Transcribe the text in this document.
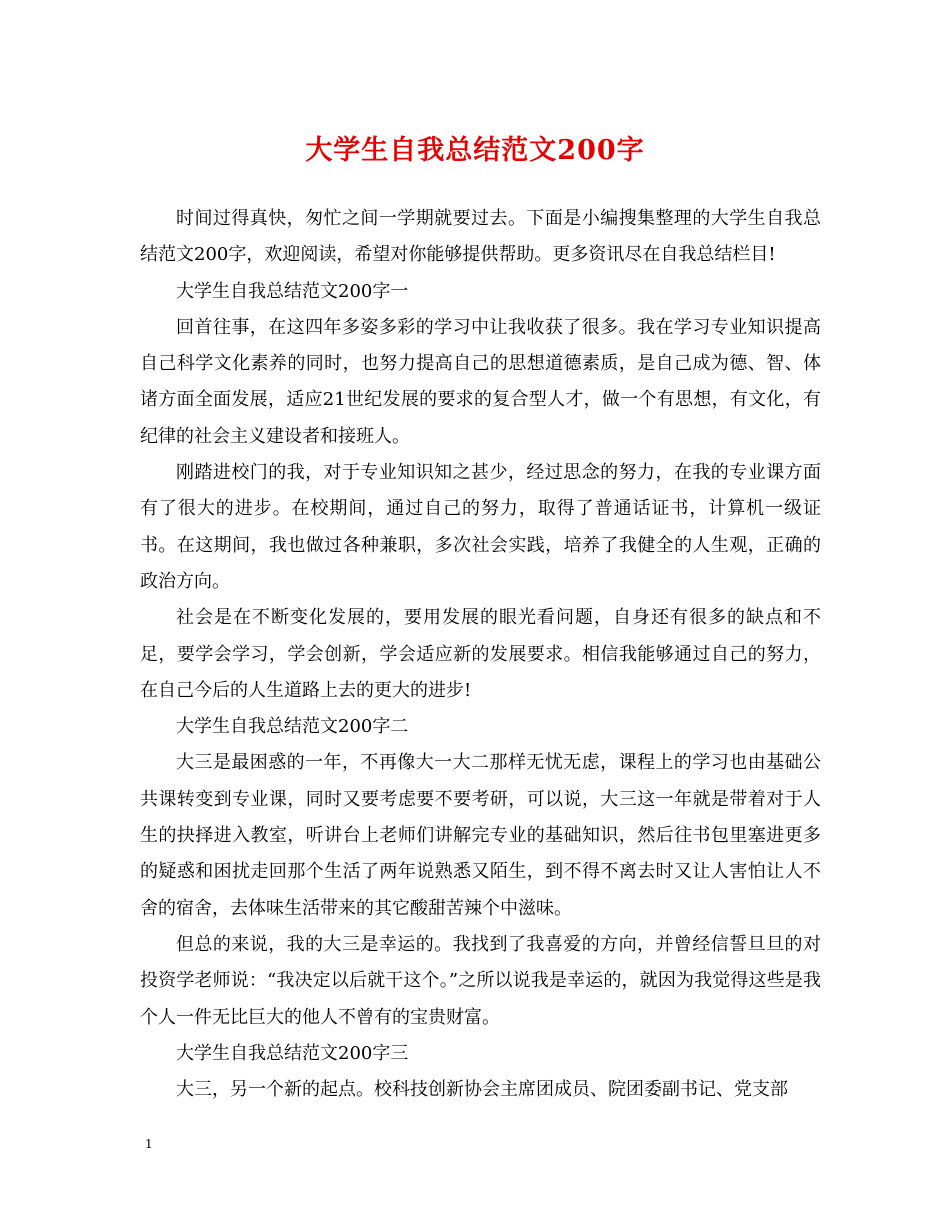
大学生自我总结范文200字

时间过得真快，匆忙之间一学期就要过去。下面是小编搜集整理的大学生自我总结范文200字，欢迎阅读，希望对你能够提供帮助。更多资讯尽在自我总结栏目!

大学生自我总结范文200字一

回首往事，在这四年多姿多彩的学习中让我收获了很多。我在学习专业知识提高自己科学文化素养的同时，也努力提高自己的思想道德素质，是自己成为德、智、体诸方面全面发展，适应21世纪发展的要求的复合型人才，做一个有思想，有文化，有纪律的社会主义建设者和接班人。

刚踏进校门的我，对于专业知识知之甚少，经过思念的努力，在我的专业课方面有了很大的进步。在校期间，通过自己的努力，取得了普通话证书，计算机一级证书。在这期间，我也做过各种兼职，多次社会实践，培养了我健全的人生观，正确的政治方向。

社会是在不断变化发展的，要用发展的眼光看问题，自身还有很多的缺点和不足，要学会学习，学会创新，学会适应新的发展要求。相信我能够通过自己的努力，在自己今后的人生道路上去的更大的进步!

大学生自我总结范文200字二

大三是最困惑的一年，不再像大一大二那样无忧无虑，课程上的学习也由基础公共课转变到专业课，同时又要考虑要不要考研，可以说，大三这一年就是带着对于人生的抉择进入教室，听讲台上老师们讲解完专业的基础知识，然后往书包里塞进更多的疑惑和困扰走回那个生活了两年说熟悉又陌生，到不得不离去时又让人害怕让人不舍的宿舍，去体味生活带来的其它酸甜苦辣个中滋味。

但总的来说，我的大三是幸运的。我找到了我喜爱的方向，并曾经信誓旦旦的对投资学老师说：“我决定以后就干这个。”之所以说我是幸运的，就因为我觉得这些是我个人一件无比巨大的他人不曾有的宝贵财富。

大学生自我总结范文200字三

大三，另一个新的起点。校科技创新协会主席团成员、院团委副书记、党支部

1
